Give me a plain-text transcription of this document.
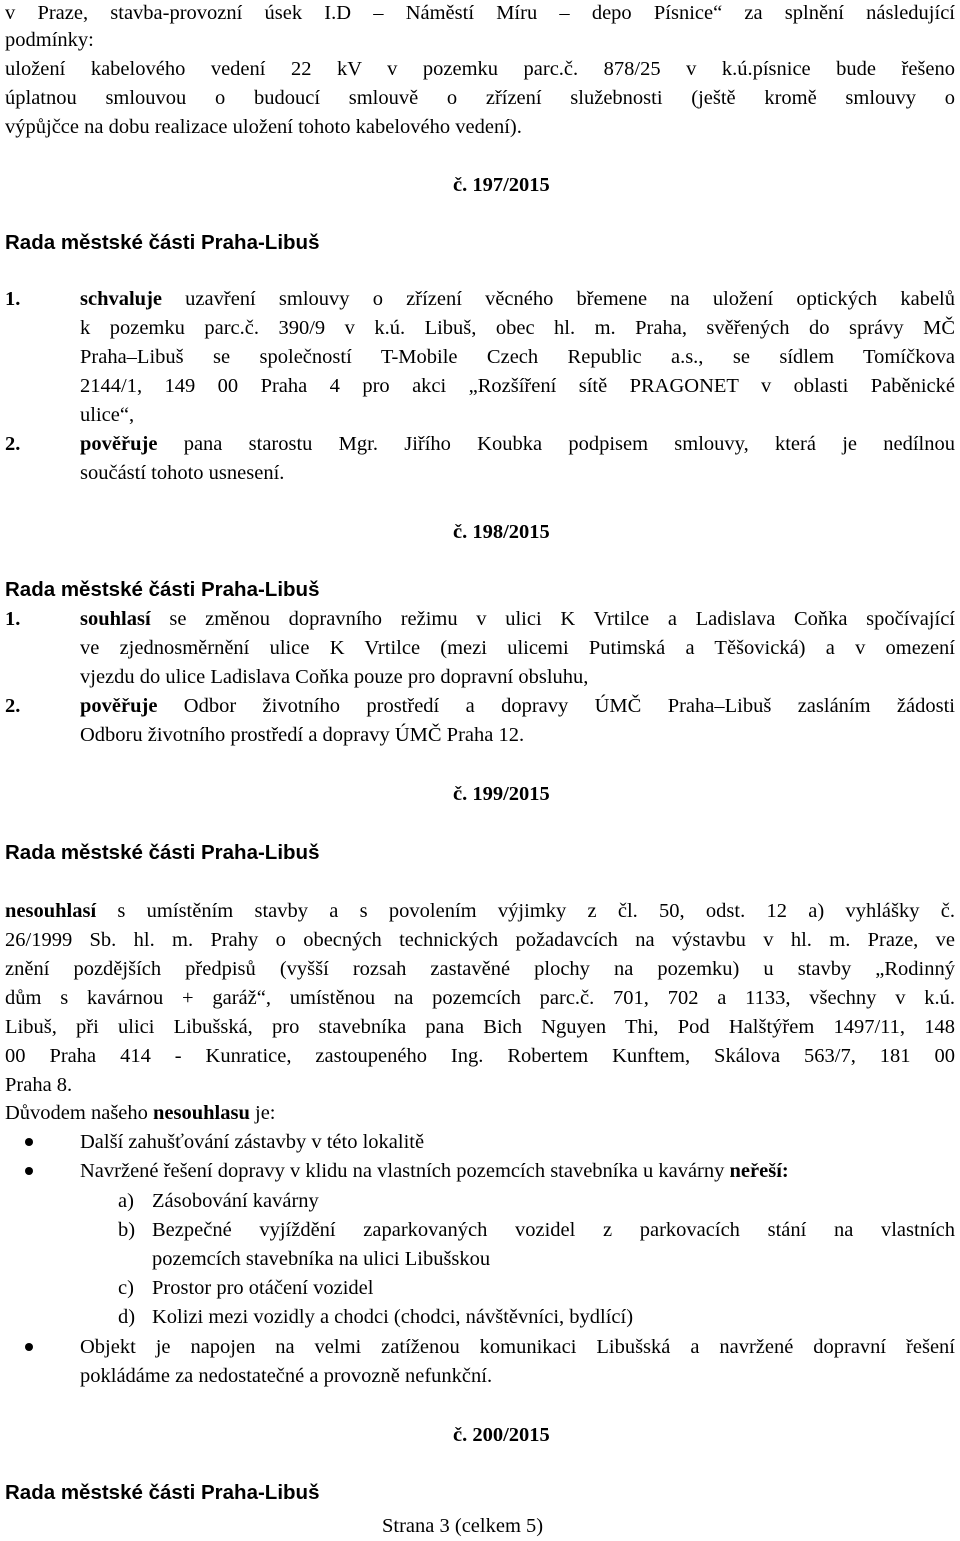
v Praze, stavba-provozní úsek I.D – Náměstí Míru – depo Písnice“ za splnění následující
podmínky:
uložení kabelového vedení 22 kV v pozemku parc.č. 878/25 v k.ú.písnice bude řešeno
úplatnou smlouvou o budoucí smlouvě o zřízení služebnosti (ještě kromě smlouvy o
výpůjčce na dobu realizace uložení tohoto kabelového vedení).
č. 197/2015
Rada městské části Praha-Libuš
1.	schvaluje uzavření smlouvy o zřízení věcného břemene na uložení optických kabelů
k pozemku parc.č. 390/9 v k.ú. Libuš, obec hl. m. Praha, svěřených do správy MČ
Praha–Libuš se společností T-Mobile Czech Republic a.s., se sídlem Tomíčkova
2144/1, 149 00 Praha 4 pro akci „Rozšíření sítě PRAGONET v oblasti Paběnické
ulice“,
2.	pověřuje pana starostu Mgr. Jiřího Koubka podpisem smlouvy, která je nedílnou
součástí tohoto usnesení.
č. 198/2015
Rada městské části Praha-Libuš
1.	souhlasí se změnou dopravního režimu v ulici K Vrtilce a Ladislava Coňka spočívající
ve zjednosměrnění ulice K Vrtilce (mezi ulicemi Putimská a Těšovická) a v omezení
vjezdu do ulice Ladislava Coňka pouze pro dopravní obsluhu,
2.	pověřuje Odbor životního prostředí a dopravy ÚMČ Praha–Libuš zasláním žádosti
Odboru životního prostředí a dopravy ÚMČ Praha 12.
č. 199/2015
Rada městské části Praha-Libuš
nesouhlasí s umístěním stavby a s povolením výjimky z čl. 50, odst. 12 a) vyhlášky č.
26/1999 Sb. hl. m. Prahy o obecných technických požadavcích na výstavbu v hl. m. Praze, ve
znění pozdějších předpisů (vyšší rozsah zastavěné plochy na pozemku) u stavby „Rodinný
dům s kavárnou + garáž“, umístěnou na pozemcích parc.č. 701, 702 a 1133, všechny v k.ú.
Libuš, při ulici Libušská, pro stavebníka pana Bich Nguyen Thi, Pod Halštýřem 1497/11, 148
00 Praha 414 - Kunratice, zastoupeného Ing. Robertem Kunftem, Skálova 563/7, 181 00
Praha 8.
Důvodem našeho nesouhlasu je:
Další zahušťování zástavby v této lokalitě
Navržené řešení dopravy v klidu na vlastních pozemcích stavebníka u kavárny neřeší:
a) Zásobování kavárny
b) Bezpečné vyjíždění zaparkovaných vozidel z parkovacích stání na vlastních
pozemcích stavebníka na ulici Libušskou
c) Prostor pro otáčení vozidel
d) Kolizi mezi vozidly a chodci (chodci, návštěvníci, bydlící)
Objekt je napojen na velmi zatíženou komunikaci Libušská a navržené dopravní řešení
pokládáme za nedostatečné a provozně nefunkční.
č. 200/2015
Rada městské části Praha-Libuš
Strana 3 (celkem 5)
